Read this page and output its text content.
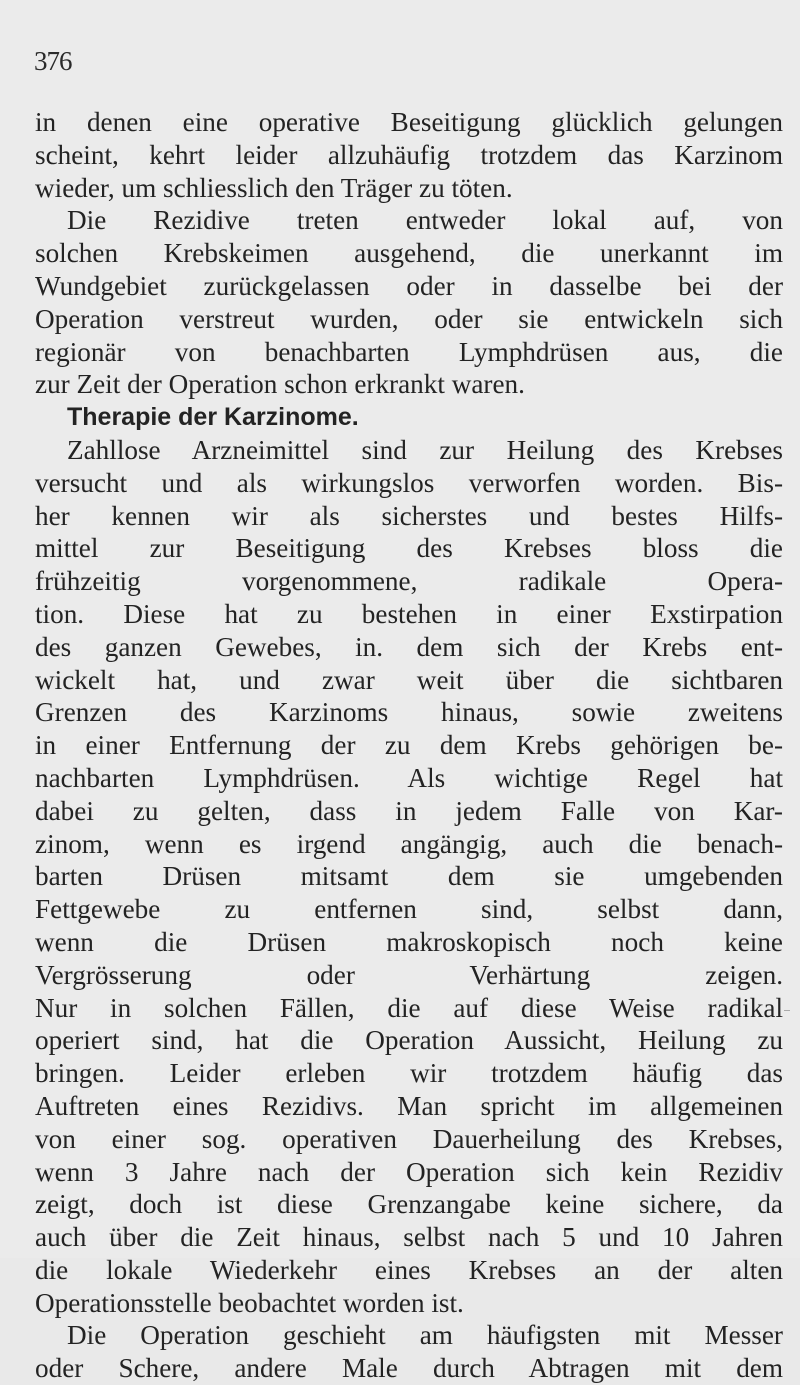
376
in denen eine operative Beseitigung glücklich gelungen
scheint, kehrt leider allzuhäufig trotzdem das Karzinom
wieder, um schliesslich den Träger zu töten.
Die Rezidive treten entweder lokal auf, von
solchen Krebskeimen ausgehend, die unerkannt im
Wundgebiet zurückgelassen oder in dasselbe bei der
Operation verstreut wurden, oder sie entwickeln sich
regionär von benachbarten Lymphdrüsen aus, die
zur Zeit der Operation schon erkrankt waren.
Therapie der Karzinome.
Zahllose Arzneimittel sind zur Heilung des Krebses
versucht und als wirkungslos verworfen worden. Bis-
her kennen wir als sicherstes und bestes Hilfs-
mittel zur Beseitigung des Krebses bloss die
frühzeitig vorgenommene, radikale Opera-
tion. Diese hat zu bestehen in einer Exstirpation
des ganzen Gewebes, in. dem sich der Krebs ent-
wickelt hat, und zwar weit über die sichtbaren
Grenzen des Karzinoms hinaus, sowie zweitens
in einer Entfernung der zu dem Krebs gehörigen be-
nachbarten Lymphdrüsen. Als wichtige Regel hat
dabei zu gelten, dass in jedem Falle von Kar-
zinom, wenn es irgend angängig, auch die benach-
barten Drüsen mitsamt dem sie umgebenden
Fettgewebe zu entfernen sind, selbst dann,
wenn die Drüsen makroskopisch noch keine
Vergrösserung oder Verhärtung zeigen.
Nur in solchen Fällen, die auf diese Weise radikal
operiert sind, hat die Operation Aussicht, Heilung zu
bringen. Leider erleben wir trotzdem häufig das
Auftreten eines Rezidivs. Man spricht im allgemeinen
von einer sog. operativen Dauerheilung des Krebses,
wenn 3 Jahre nach der Operation sich kein Rezidiv
zeigt, doch ist diese Grenzangabe keine sichere, da
auch über die Zeit hinaus, selbst nach 5 und 10 Jahren
die lokale Wiederkehr eines Krebses an der alten
Operationsstelle beobachtet worden ist.
Die Operation geschieht am häufigsten mit Messer
oder Schere, andere Male durch Abtragen mit dem
